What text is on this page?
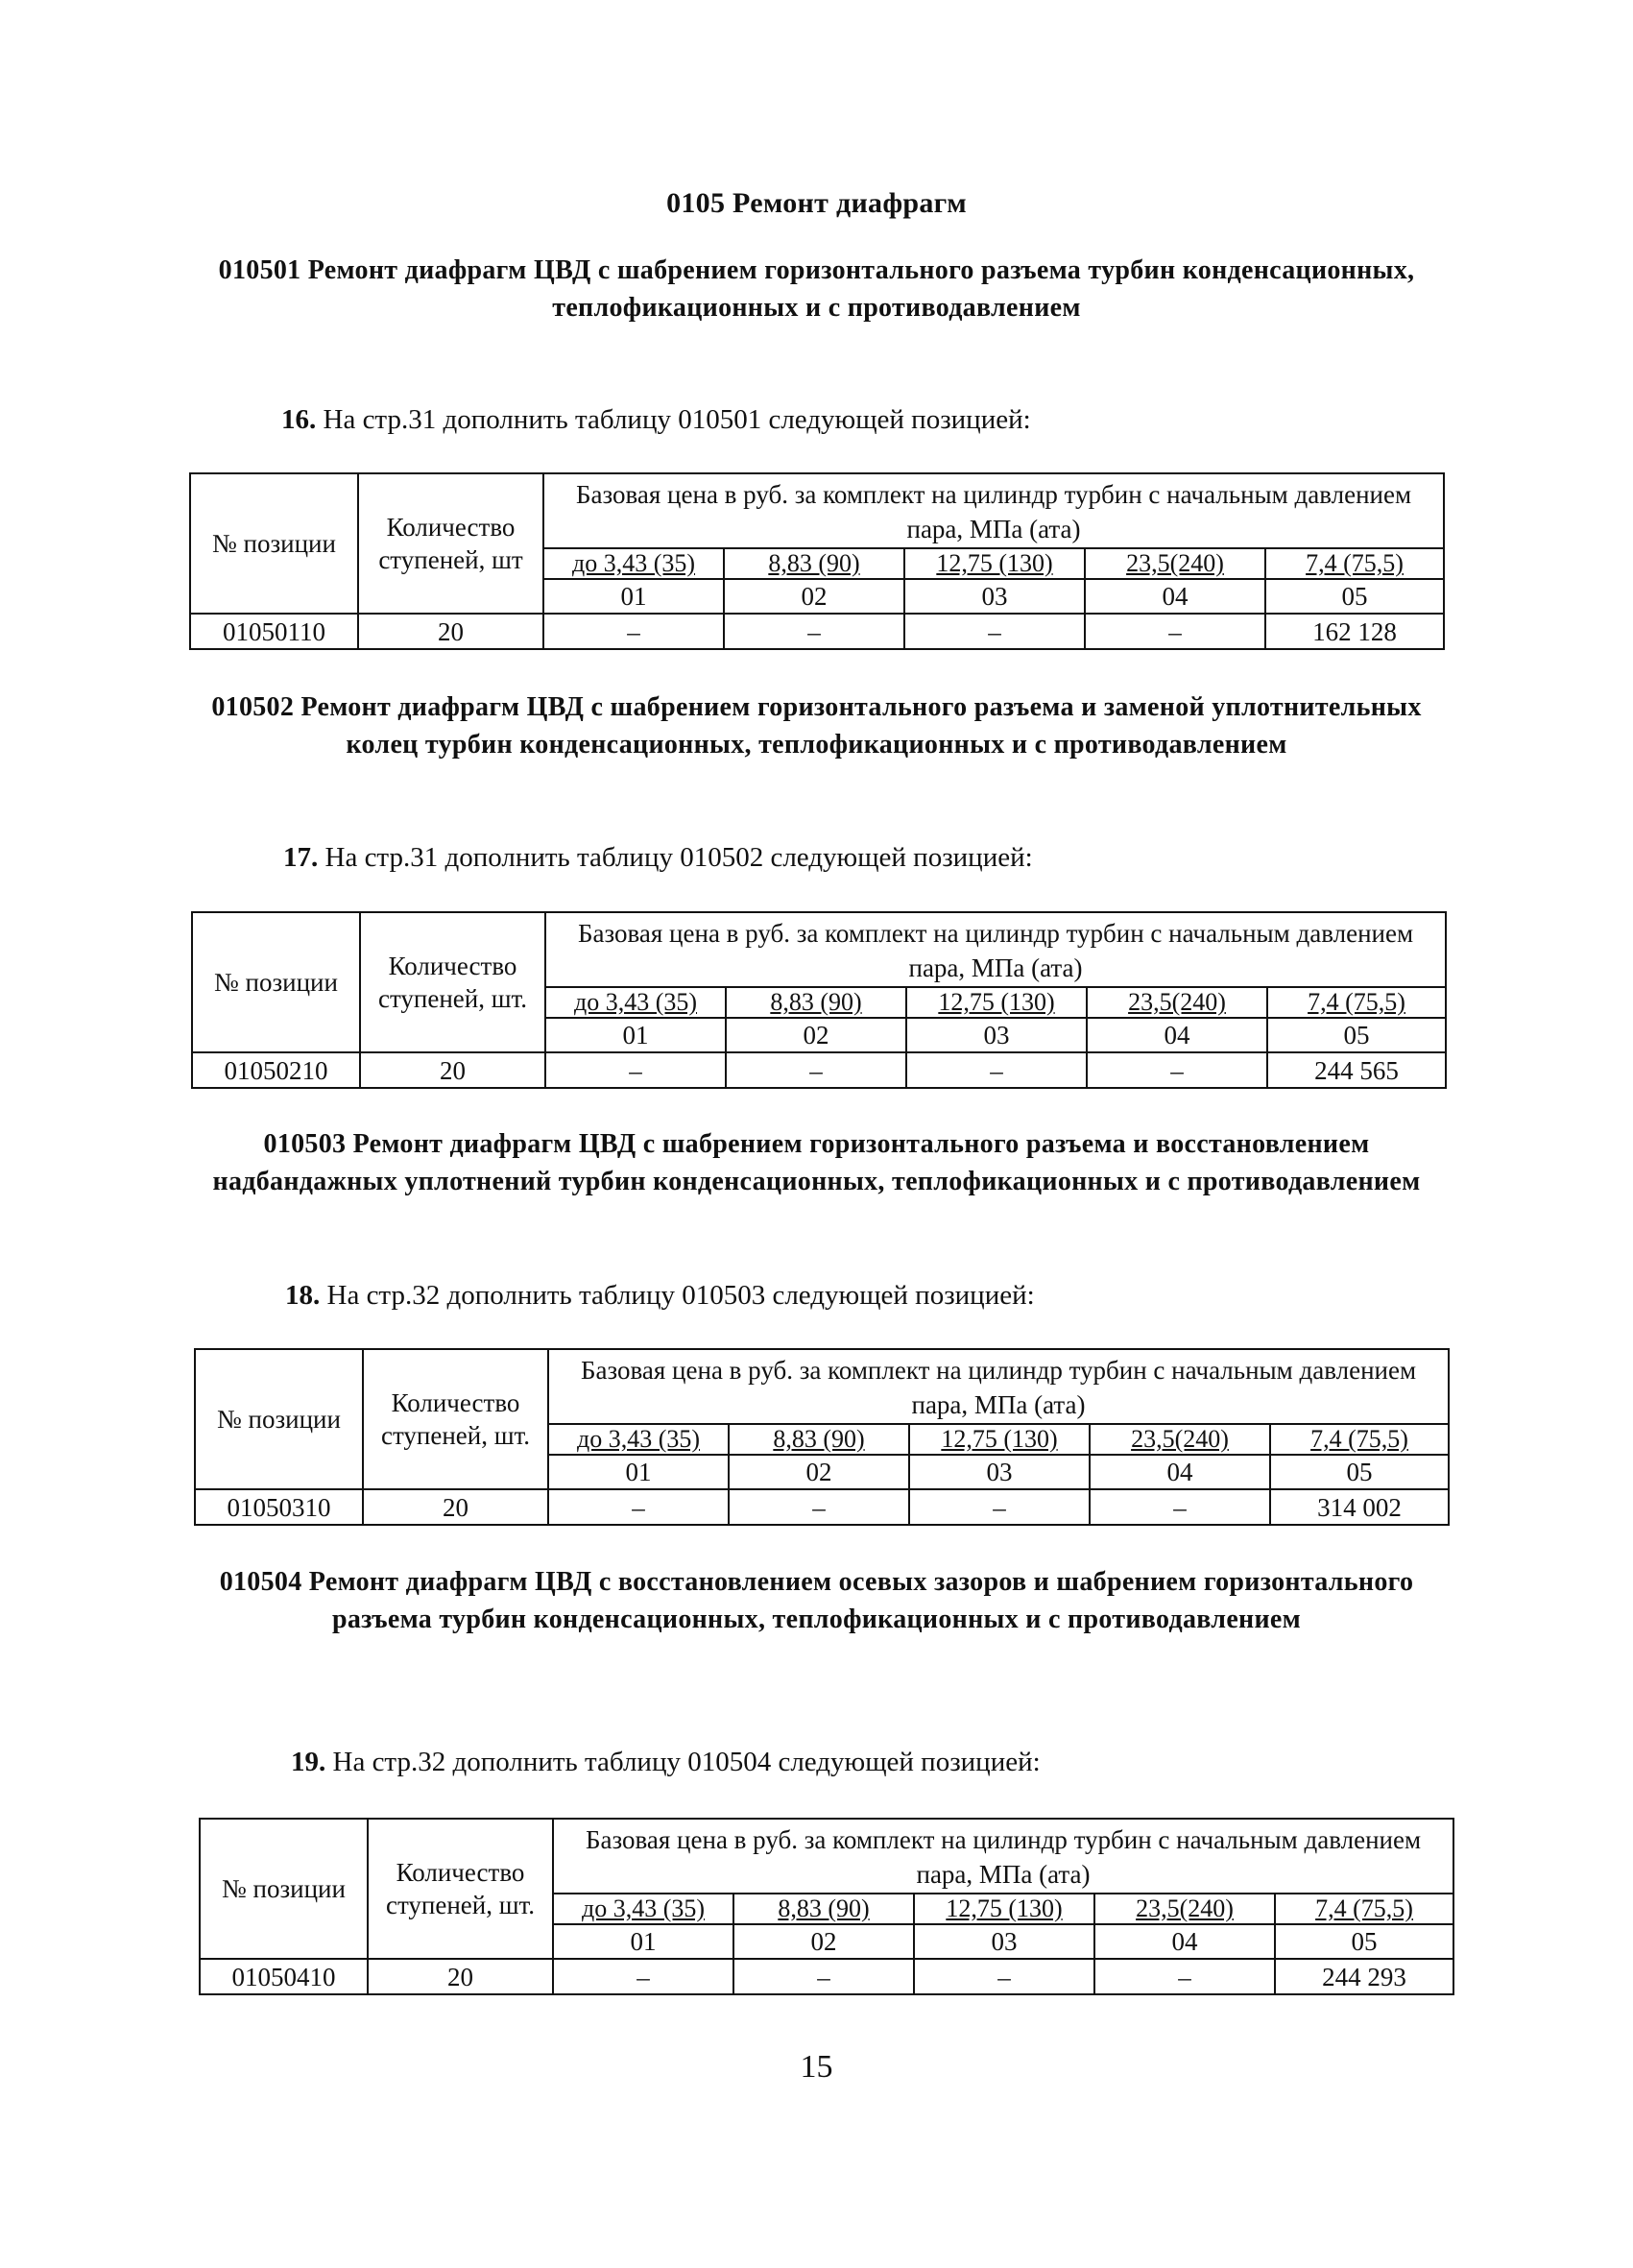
0105 Ремонт диафрагм
010501 Ремонт диафрагм ЦВД с шабрением горизонтального разъема турбин конденсационных, теплофикационных и с противодавлением
16. На стр.31 дополнить таблицу 010501 следующей позицией:
№ позиции	Количество ступеней, шт	Базовая цена в руб. за комплект на цилиндр турбин с начальным давлением пара, МПа (ата)				
		до 3,43 (35)	8,83 (90)	12,75 (130)	23,5(240)	7,4 (75,5)
		01	02	03	04	05
01050110	20	–	–	–	–	162 128
010502 Ремонт диафрагм ЦВД с шабрением горизонтального разъема и заменой уплотнительных колец турбин конденсационных, теплофикационных и с противодавлением
17. На стр.31 дополнить таблицу 010502 следующей позицией:
№ позиции	Количество ступеней, шт.	Базовая цена в руб. за комплект на цилиндр турбин с начальным давлением пара, МПа (ата)				
		до 3,43 (35)	8,83 (90)	12,75 (130)	23,5(240)	7,4 (75,5)
		01	02	03	04	05
01050210	20	–	–	–	–	244 565
010503 Ремонт диафрагм ЦВД с шабрением горизонтального разъема и восстановлением надбандажных уплотнений турбин конденсационных, теплофикационных и с противодавлением
18. На стр.32 дополнить таблицу 010503 следующей позицией:
№ позиции	Количество ступеней, шт.	Базовая цена в руб. за комплект на цилиндр турбин с начальным давлением пара, МПа (ата)				
		до 3,43 (35)	8,83 (90)	12,75 (130)	23,5(240)	7,4 (75,5)
		01	02	03	04	05
01050310	20	–	–	–	–	314 002
010504 Ремонт диафрагм ЦВД с восстановлением осевых зазоров и шабрением горизонтального разъема турбин конденсационных, теплофикационных и с противодавлением
19. На стр.32 дополнить таблицу 010504 следующей позицией:
№ позиции	Количество ступеней, шт.	Базовая цена в руб. за комплект на цилиндр турбин с начальным давлением пара, МПа (ата)				
		до 3,43 (35)	8,83 (90)	12,75 (130)	23,5(240)	7,4 (75,5)
		01	02	03	04	05
01050410	20	–	–	–	–	244 293
15
